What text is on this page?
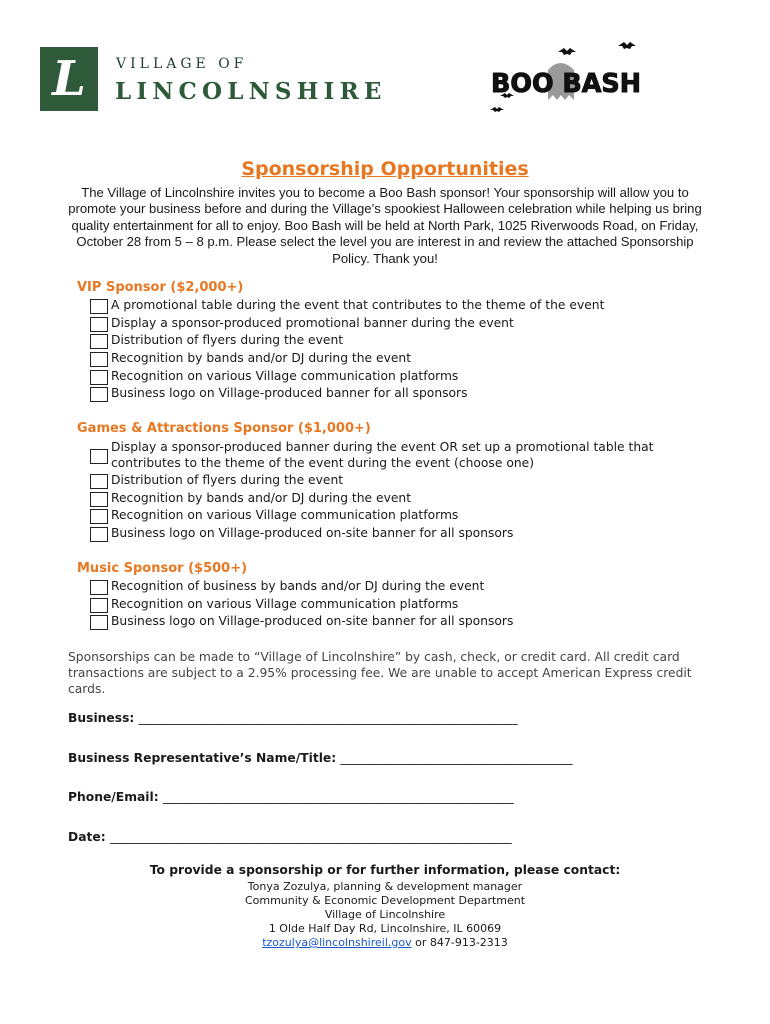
L	VILLAGE OF
LINCOLNSHIRE	BOO BASH
Sponsorship Opportunities
The Village of Lincolnshire invites you to become a Boo Bash sponsor! Your sponsorship will allow you to promote your business before and during the Village’s spookiest Halloween celebration while helping us bring quality entertainment for all to enjoy. Boo Bash will be held at North Park, 1025 Riverwoods Road, on Friday, October 28 from 5 – 8 p.m. Please select the level you are interest in and review the attached Sponsorship Policy. Thank you!
VIP Sponsor ($2,000+)
A promotional table during the event that contributes to the theme of the event
Display a sponsor-produced promotional banner during the event
Distribution of flyers during the event
Recognition by bands and/or DJ during the event
Recognition on various Village communication platforms
Business logo on Village-produced banner for all sponsors
Games & Attractions Sponsor ($1,000+)
Display a sponsor-produced banner during the event OR set up a promotional table that contributes to the theme of the event during the event (choose one)
Distribution of flyers during the event
Recognition by bands and/or DJ during the event
Recognition on various Village communication platforms
Business logo on Village-produced on-site banner for all sponsors
Music Sponsor ($500+)
Recognition of business by bands and/or DJ during the event
Recognition on various Village communication platforms
Business logo on Village-produced on-site banner for all sponsors
Sponsorships can be made to “Village of Lincolnshire” by cash, check, or credit card. All credit card transactions are subject to a 2.95% processing fee. We are unable to accept American Express credit cards.
Business: ___________________________________________________________________
Business Representative’s Name/Title: _________________________________________
Phone/Email: ______________________________________________________________
Date: _______________________________________________________________________
To provide a sponsorship or for further information, please contact:
Tonya Zozulya, planning & development manager
Community & Economic Development Department
Village of Lincolnshire
1 Olde Half Day Rd, Lincolnshire, IL 60069
tzozulya@lincolnshireil.gov or 847-913-2313
